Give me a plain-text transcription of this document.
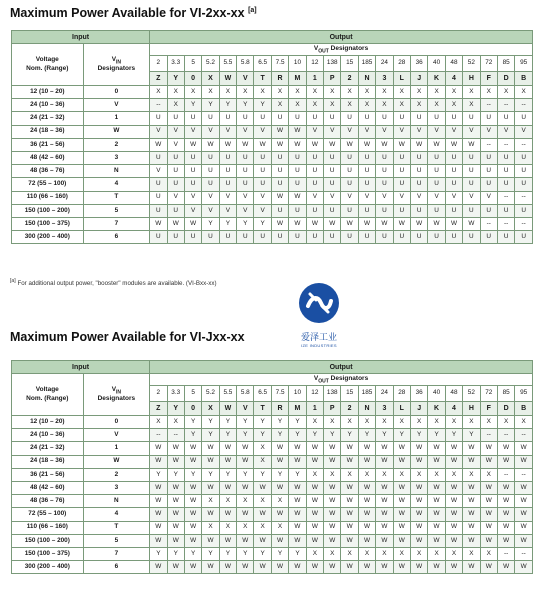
Maximum Power Available for VI-2xx-xx [a]
Input		Output																					
Voltage
Nom. (Range)	$V_{IN}$
Designators	$V_{OUT}$ Designators																					
		2	3.3	5	5.2	5.5	5.8	6.5	7.5	10	12	138	15	185	24	28	36	40	48	52	72	85	95
		Z	Y	0	X	W	V	T	R	M	1	P	2	N	3	L	J	K	4	H	F	D	B
12 (10 – 20)	0	X	X	X	X	X	X	X	X	X	X	X	X	X	X	X	X	X	X	X	X	X	X
24 (10 – 36)	V	--	X	Y	Y	Y	Y	Y	X	X	X	X	X	X	X	X	X	X	X	X	--	--	--
24 (21 – 32)	1	U	U	U	U	U	U	U	U	U	U	U	U	U	U	U	U	U	U	U	U	U	U
24 (18 – 36)	W	V	V	V	V	V	V	V	W	W	V	V	V	V	V	V	V	V	V	V	V	V	V
36 (21 – 56)	2	W	V	W	W	W	W	W	W	W	W	W	W	W	W	W	W	W	W	W	--	--	--
48 (42 – 60)	3	U	U	U	U	U	U	U	U	U	U	U	U	U	U	U	U	U	U	U	U	U	U
48 (36 – 76)	N	V	U	U	U	U	U	U	U	U	U	U	U	U	U	U	U	U	U	U	U	U	U
72 (55 – 100)	4	U	U	U	U	U	U	U	U	U	U	U	U	U	U	U	U	U	U	U	U	U	U
110 (66 – 160)	T	U	V	V	V	V	V	V	W	W	V	V	V	V	V	V	V	V	V	V	V	--	--
150 (100 – 200)	5	U	U	V	V	V	V	V	U	U	U	U	U	U	U	U	U	U	U	U	U	U	U
150 (100 – 375)	7	W	W	W	Y	Y	Y	Y	W	W	W	W	W	W	W	W	W	W	W	W	--	--	--
300 (200 – 400)	6	U	U	U	U	U	U	U	U	U	U	U	U	U	U	U	U	U	U	U	U	U	U
[a] For additional output power, "booster" modules are available. (VI-Bxx-xx)
爱泽工业
IZE INDUSTRIES
Maximum Power Available for VI-Jxx-xx
Input		Output																					
Voltage
Nom. (Range)	$V_{IN}$
Designators	$V_{OUT}$ Designators																					
		2	3.3	5	5.2	5.5	5.8	6.5	7.5	10	12	138	15	185	24	28	36	40	48	52	72	85	95
		Z	Y	0	X	W	V	T	R	M	1	P	2	N	3	L	J	K	4	H	F	D	B
12 (10 – 20)	0	X	X	Y	Y	Y	Y	Y	Y	Y	X	X	X	X	X	X	X	X	X	X	X	X	X
24 (10 – 36)	V	--	--	Y	Y	Y	Y	Y	Y	Y	Y	Y	Y	Y	Y	Y	Y	Y	Y	Y	--	--	--
24 (21 – 32)	1	W	W	W	W	W	W	X	W	W	W	W	W	W	W	W	W	W	W	W	W	W	W
24 (18 – 36)	W	W	W	W	W	W	W	X	W	W	W	W	W	W	W	W	W	W	W	W	W	W	W
36 (21 – 56)	2	Y	Y	Y	Y	Y	Y	Y	Y	Y	X	X	X	X	X	X	X	X	X	X	X	--	--
48 (42 – 60)	3	W	W	W	W	W	W	W	W	W	W	W	W	W	W	W	W	W	W	W	W	W	W
48 (36 – 76)	N	W	W	W	X	X	X	X	X	W	W	W	W	W	W	W	W	W	W	W	W	W	W
72 (55 – 100)	4	W	W	W	W	W	W	W	W	W	W	W	W	W	W	W	W	W	W	W	W	W	W
110 (66 – 160)	T	W	W	W	X	X	X	X	X	W	W	W	W	W	W	W	W	W	W	W	W	W	W
150 (100 – 200)	5	W	W	W	W	W	W	W	W	W	W	W	W	W	W	W	W	W	W	W	W	W	W
150 (100 – 375)	7	Y	Y	Y	Y	Y	Y	Y	Y	Y	X	X	X	X	X	X	X	X	X	X	X	--	--
300 (200 – 400)	6	W	W	W	W	W	W	W	W	W	W	W	W	W	W	W	W	W	W	W	W	W	W
